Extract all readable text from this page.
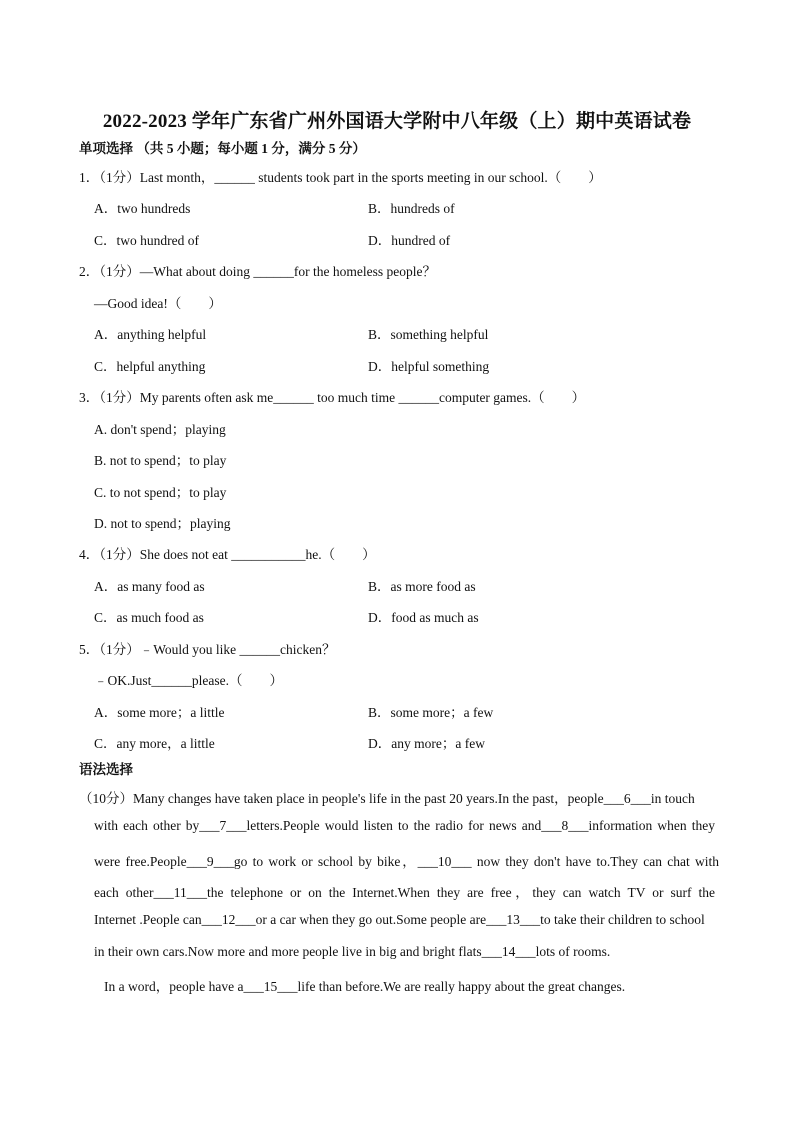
2022-2023 学年广东省广州外国语大学附中八年级（上）期中英语试卷
单项选择 （共 5 小题；每小题 1 分，满分 5 分）
1．（1分）Last month，______ students took part in the sports meeting in our school.（　　）
A．two hundreds	B．hundreds of
C．two hundred of	D．hundred of
2．（1分）—What about doing ______for the homeless people？
—Good idea!（　　）
A．anything helpful	B．something helpful
C．helpful anything	D．helpful something
3．（1分）My parents often ask me______ too much time ______computer games.（　　）
A. don't spend；playing
B. not to spend；to play
C. to not spend；to play
D. not to spend；playing
4．（1分）She does not eat ___________he.（　　）
A．as many food as	B．as more food as
C．as much food as	D．food as much as
5．（1分）﹣Would you like ______chicken？
﹣OK.Just______please.（　　）
A．some more；a little	B．some more；a few
C．any more，a little	D．any more；a few
语法选择
（10分）Many changes have taken place in people's life in the past 20 years.In the past，people___6___in touch
with each other by___7___letters.People would listen to the radio for news and___8___information when they
were free.People___9___go to work or school by bike，___10___ now they don't have to.They can chat with
each other___11___the telephone or on the Internet.When they are free，they can watch TV or surf the
Internet .People can___12___or a car when they go out.Some people are___13___to take their children to school
in their own cars.Now more and more people live in big and bright flats___14___lots of rooms.
In a word，people have a___15___life than before.We are really happy about the great changes.
